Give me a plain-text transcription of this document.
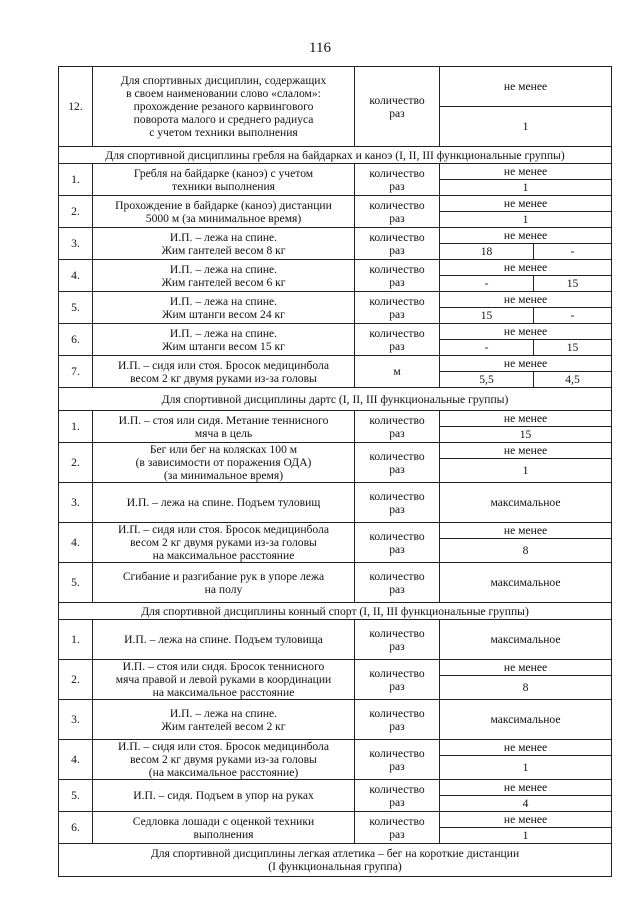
116
12.	Для спортивных дисциплин, содержащих
в своем наименовании слово «слалом»:
прохождение резаного карвингового
поворота малого и среднего радиуса
с учетом техники выполнения	количество
раз	не менее	
			1	
Для спортивной дисциплины гребля на байдарках и каноэ (I, II, III функциональные группы)				
1.	Гребля на байдарке (каноэ) с учетом
техники выполнения	количество
раз	не менее	
			1	
2.	Прохождение в байдарке (каноэ) дистанции
5000 м (за минимальное время)	количество
раз	не менее	
			1	
3.	И.П. – лежа на спине.
Жим гантелей весом 8 кг	количество
раз	не менее	
			18	-
4.	И.П. – лежа на спине.
Жим гантелей весом 6 кг	количество
раз	не менее	
			-	15
5.	И.П. – лежа на спине.
Жим штанги весом 24 кг	количество
раз	не менее	
			15	-
6.	И.П. – лежа на спине.
Жим штанги весом 15 кг	количество
раз	не менее	
			-	15
7.	И.П. – сидя или стоя. Бросок медицинбола
весом 2 кг двумя руками из-за головы	м	не менее	
			5,5	4,5
Для спортивной дисциплины дартс (I, II, III функциональные группы)				
1.	И.П. – стоя или сидя. Метание теннисного
мяча в цель	количество
раз	не менее	
			15	
2.	Бег или бег на колясках 100 м
(в зависимости от поражения ОДА)
(за минимальное время)	количество
раз	не менее	
			1	
3.	И.П. – лежа на спине. Подъем туловищ	количество
раз	максимальное	
4.	И.П. – сидя или стоя. Бросок медицинбола
весом 2 кг двумя руками из-за головы
на максимальное расстояние	количество
раз	не менее	
			8	
5.	Сгибание и разгибание рук в упоре лежа
на полу	количество
раз	максимальное	
Для спортивной дисциплины конный спорт (I, II, III функциональные группы)				
1.	И.П. – лежа на спине. Подъем туловища	количество
раз	максимальное	
2.	И.П. – стоя или сидя. Бросок теннисного
мяча правой и левой руками в координации
на максимальное расстояние	количество
раз	не менее	
			8	
3.	И.П. – лежа на спине.
Жим гантелей весом 2 кг	количество
раз	максимальное	
4.	И.П. – сидя или стоя. Бросок медицинбола
весом 2 кг двумя руками из-за головы
(на максимальное расстояние)	количество
раз	не менее	
			1	
5.	И.П. – сидя. Подъем в упор на руках	количество
раз	не менее	
			4	
6.	Седловка лошади с оценкой техники
выполнения	количество
раз	не менее	
			1	

Для спортивной дисциплины легкая атлетика – бег на короткие дистанции
(I функциональная группа)				
